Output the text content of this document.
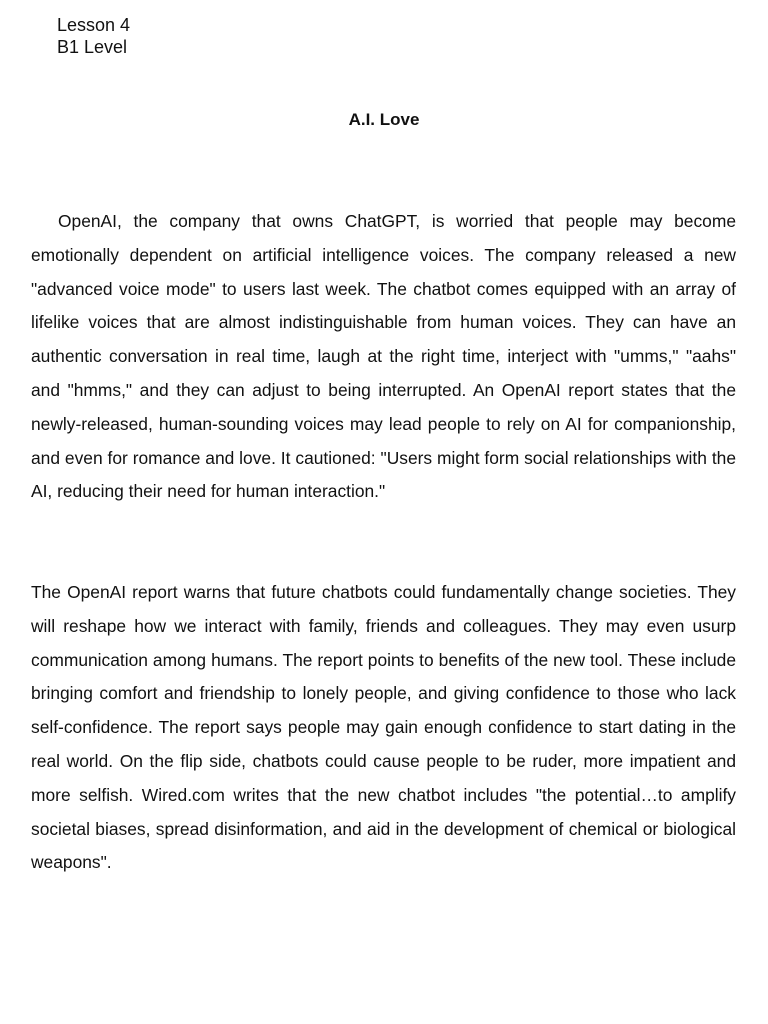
Lesson 4
B1 Level
A.I. Love
OpenAI, the company that owns ChatGPT, is worried that people may become emotionally dependent on artificial intelligence voices. The company released a new "advanced voice mode" to users last week. The chatbot comes equipped with an array of lifelike voices that are almost indistinguishable from human voices. They can have an authentic conversation in real time, laugh at the right time, interject with "umms," "aahs" and "hmms," and they can adjust to being interrupted. An OpenAI report states that the newly-released, human-sounding voices may lead people to rely on AI for companionship, and even for romance and love. It cautioned: "Users might form social relationships with the AI, reducing their need for human interaction."
The OpenAI report warns that future chatbots could fundamentally change societies. They will reshape how we interact with family, friends and colleagues. They may even usurp communication among humans. The report points to benefits of the new tool. These include bringing comfort and friendship to lonely people, and giving confidence to those who lack self-confidence. The report says people may gain enough confidence to start dating in the real world. On the flip side, chatbots could cause people to be ruder, more impatient and more selfish. Wired.com writes that the new chatbot includes "the potential…to amplify societal biases, spread disinformation, and aid in the development of chemical or biological weapons".
